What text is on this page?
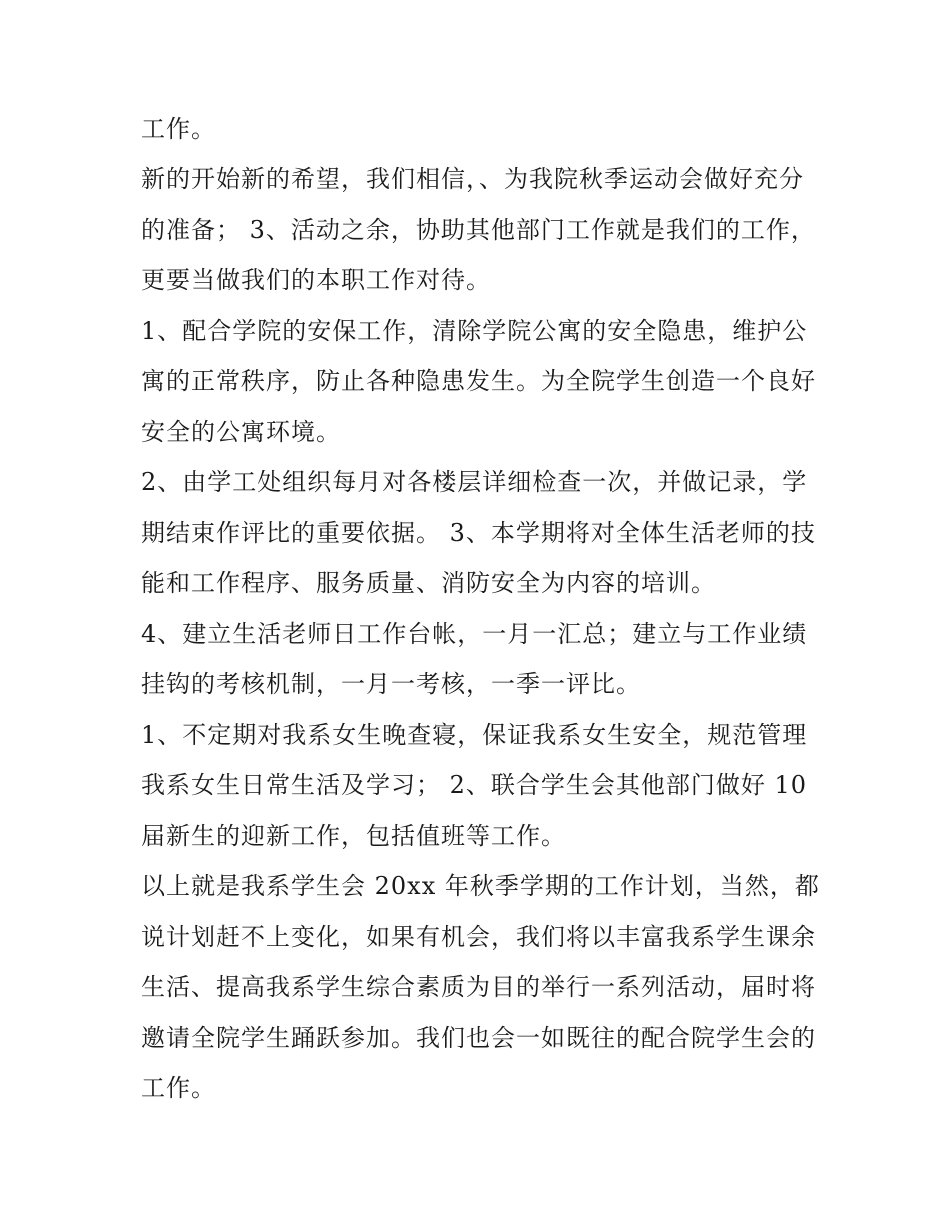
工作。
新的开始新的希望，我们相信，、为我院秋季运动会做好充分
的准备； 3、活动之余，协助其他部门工作就是我们的工作，
更要当做我们的本职工作对待。
1、配合学院的安保工作，清除学院公寓的安全隐患，维护公
寓的正常秩序，防止各种隐患发生。为全院学生创造一个良好
安全的公寓环境。
2、由学工处组织每月对各楼层详细检查一次，并做记录，学
期结束作评比的重要依据。 3、本学期将对全体生活老师的技
能和工作程序、服务质量、消防安全为内容的培训。
4、建立生活老师日工作台帐，一月一汇总；建立与工作业绩
挂钩的考核机制，一月一考核，一季一评比。
1、不定期对我系女生晚查寝，保证我系女生安全，规范管理
我系女生日常生活及学习； 2、联合学生会其他部门做好 10
届新生的迎新工作，包括值班等工作。
以上就是我系学生会 20xx 年秋季学期的工作计划，当然，都
说计划赶不上变化，如果有机会，我们将以丰富我系学生课余
生活、提高我系学生综合素质为目的举行一系列活动，届时将
邀请全院学生踊跃参加。我们也会一如既往的配合院学生会的
工作。
